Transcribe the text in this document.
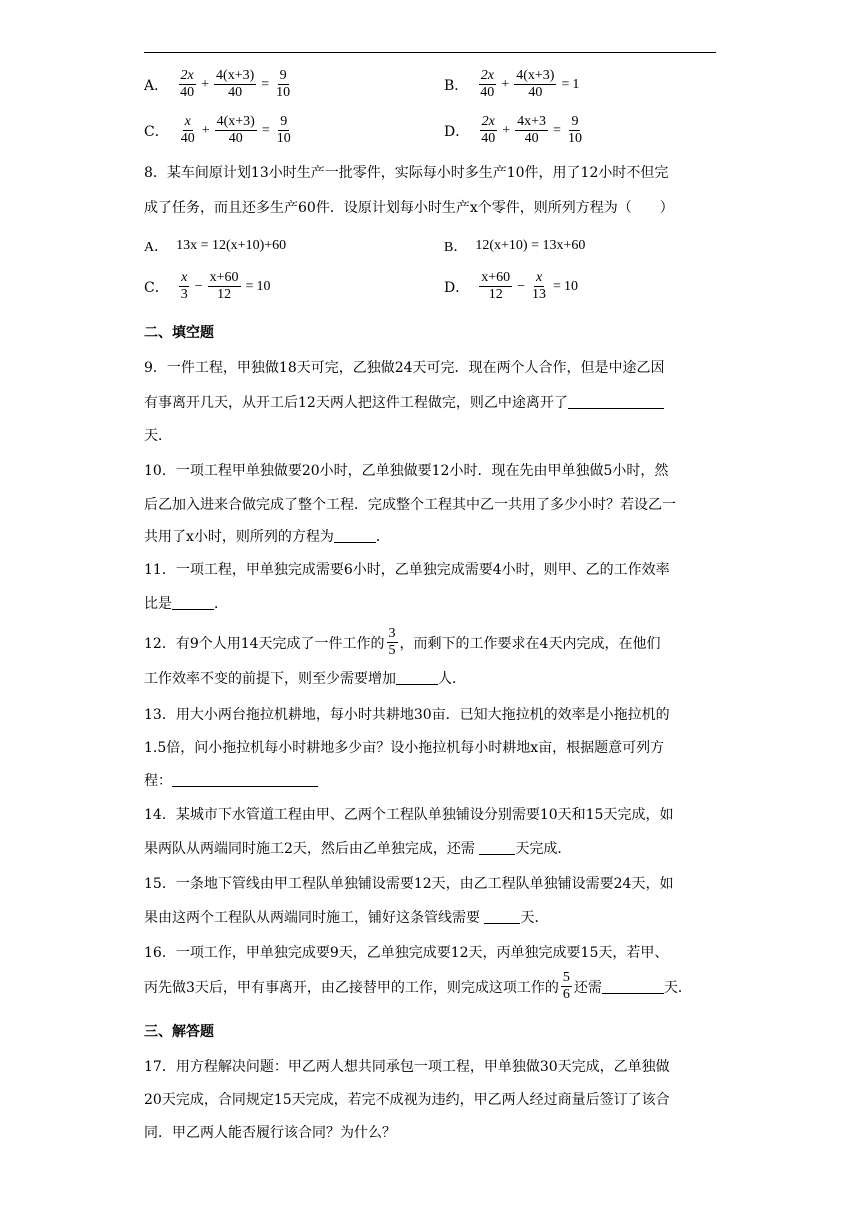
A． $\frac{2x}{40} + \frac{4(x+3)}{40} = \frac{9}{10}$	B． $\frac{2x}{40} + \frac{4(x+3)}{40} = 1$
C． $\frac{x}{40} + \frac{4(x+3)}{40} = \frac{9}{10}$	D． $\frac{2x}{40} + \frac{4x+3}{40} = \frac{9}{10}$
8．某车间原计划13小时生产一批零件，实际每小时多生产10件，用了12小时不但完
成了任务，而且还多生产60件．设原计划每小时生产x个零件，则所列方程为（　　）
A． 13x = 12(x+10)+60	B． 12(x+10) = 13x+60
C． $\frac{x}{3} - \frac{x+60}{12} = 10$	D． $\frac{x+60}{12} - \frac{x}{13} = 10$
二、填空题
9．一件工程，甲独做18天可完，乙独做24天可完．现在两个人合作，但是中途乙因
有事离开几天，从开工后12天两人把这件工程做完，则乙中途离开了
天．
10．一项工程甲单独做要20小时，乙单独做要12小时．现在先由甲单独做5小时，然
后乙加入进来合做完成了整个工程．完成整个工程其中乙一共用了多少小时？若设乙一
共用了x小时，则所列的方程为	．
11．一项工程，甲单独完成需要6小时，乙单独完成需要4小时，则甲、乙的工作效率
比是	．
12．有9个人用14天完成了一件工作的 $\frac{3}{5}$ ，而剩下的工作要求在4天内完成，在他们
工作效率不变的前提下，则至少需要增加	人．
13．用大小两台拖拉机耕地，每小时共耕地30亩．已知大拖拉机的效率是小拖拉机的
1.5倍，问小拖拉机每小时耕地多少亩？设小拖拉机每小时耕地x亩，根据题意可列方
程：
14．某城市下水管道工程由甲、乙两个工程队单独铺设分别需要10天和15天完成，如
果两队从两端同时施工2天，然后由乙单独完成，还需	天完成．
15．一条地下管线由甲工程队单独铺设需要12天，由乙工程队单独铺设需要24天，如
果由这两个工程队从两端同时施工，铺好这条管线需要	天．
16．一项工作，甲单独完成要9天，乙单独完成要12天，丙单独完成要15天，若甲、
丙先做3天后，甲有事离开，由乙接替甲的工作，则完成这项工作的 $\frac{5}{6}$ 还需	天．
三、解答题
17．用方程解决问题：甲乙两人想共同承包一项工程，甲单独做30天完成，乙单独做
20天完成，合同规定15天完成，若完不成视为违约，甲乙两人经过商量后签订了该合
同．甲乙两人能否履行该合同？为什么？
